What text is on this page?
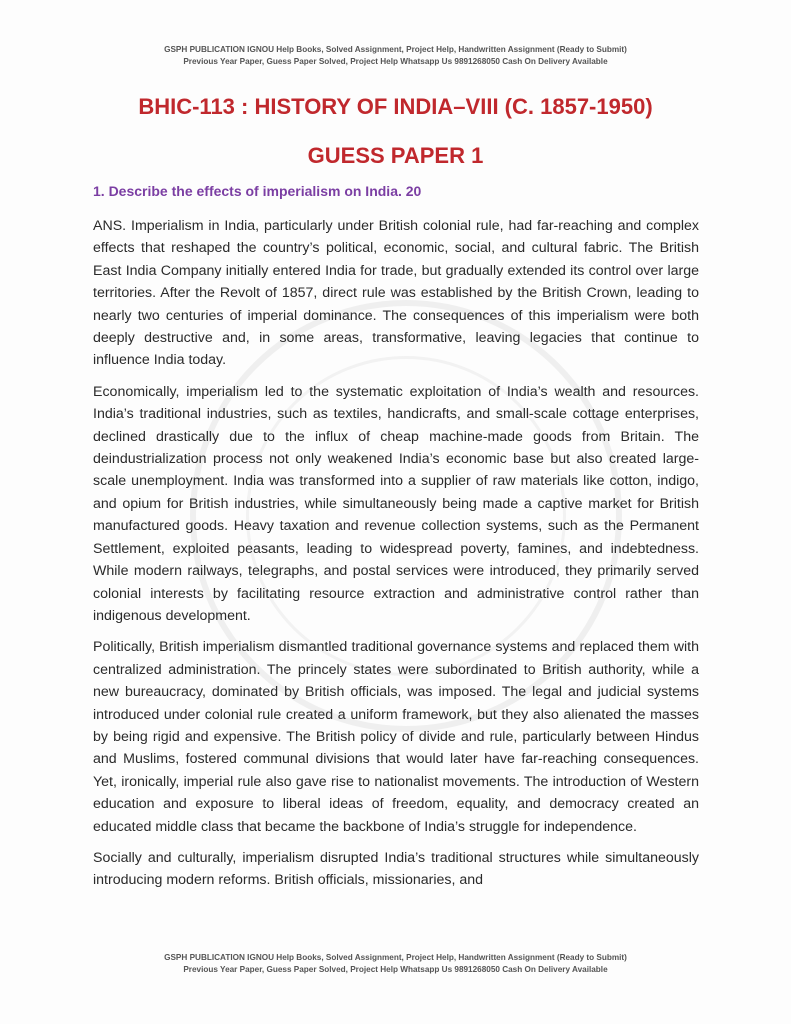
GSPH PUBLICATION IGNOU Help Books, Solved Assignment, Project Help, Handwritten Assignment (Ready to Submit)
Previous Year Paper, Guess Paper Solved, Project Help Whatsapp Us 9891268050 Cash On Delivery Available
BHIC-113 : HISTORY OF INDIA–VIII (C. 1857-1950)
GUESS PAPER 1
1. Describe the effects of imperialism on India. 20

ANS. Imperialism in India, particularly under British colonial rule, had far-reaching and complex effects that reshaped the country’s political, economic, social, and cultural fabric. The British East India Company initially entered India for trade, but gradually extended its control over large territories. After the Revolt of 1857, direct rule was established by the British Crown, leading to nearly two centuries of imperial dominance. The consequences of this imperialism were both deeply destructive and, in some areas, transformative, leaving legacies that continue to influence India today.

Economically, imperialism led to the systematic exploitation of India’s wealth and resources. India’s traditional industries, such as textiles, handicrafts, and small-scale cottage enterprises, declined drastically due to the influx of cheap machine-made goods from Britain. The deindustrialization process not only weakened India’s economic base but also created large-scale unemployment. India was transformed into a supplier of raw materials like cotton, indigo, and opium for British industries, while simultaneously being made a captive market for British manufactured goods. Heavy taxation and revenue collection systems, such as the Permanent Settlement, exploited peasants, leading to widespread poverty, famines, and indebtedness. While modern railways, telegraphs, and postal services were introduced, they primarily served colonial interests by facilitating resource extraction and administrative control rather than indigenous development.

Politically, British imperialism dismantled traditional governance systems and replaced them with centralized administration. The princely states were subordinated to British authority, while a new bureaucracy, dominated by British officials, was imposed. The legal and judicial systems introduced under colonial rule created a uniform framework, but they also alienated the masses by being rigid and expensive. The British policy of divide and rule, particularly between Hindus and Muslims, fostered communal divisions that would later have far-reaching consequences. Yet, ironically, imperial rule also gave rise to nationalist movements. The introduction of Western education and exposure to liberal ideas of freedom, equality, and democracy created an educated middle class that became the backbone of India’s struggle for independence.

Socially and culturally, imperialism disrupted India’s traditional structures while simultaneously introducing modern reforms. British officials, missionaries, and

GSPH PUBLICATION IGNOU Help Books, Solved Assignment, Project Help, Handwritten Assignment (Ready to Submit)
Previous Year Paper, Guess Paper Solved, Project Help Whatsapp Us 9891268050 Cash On Delivery Available
